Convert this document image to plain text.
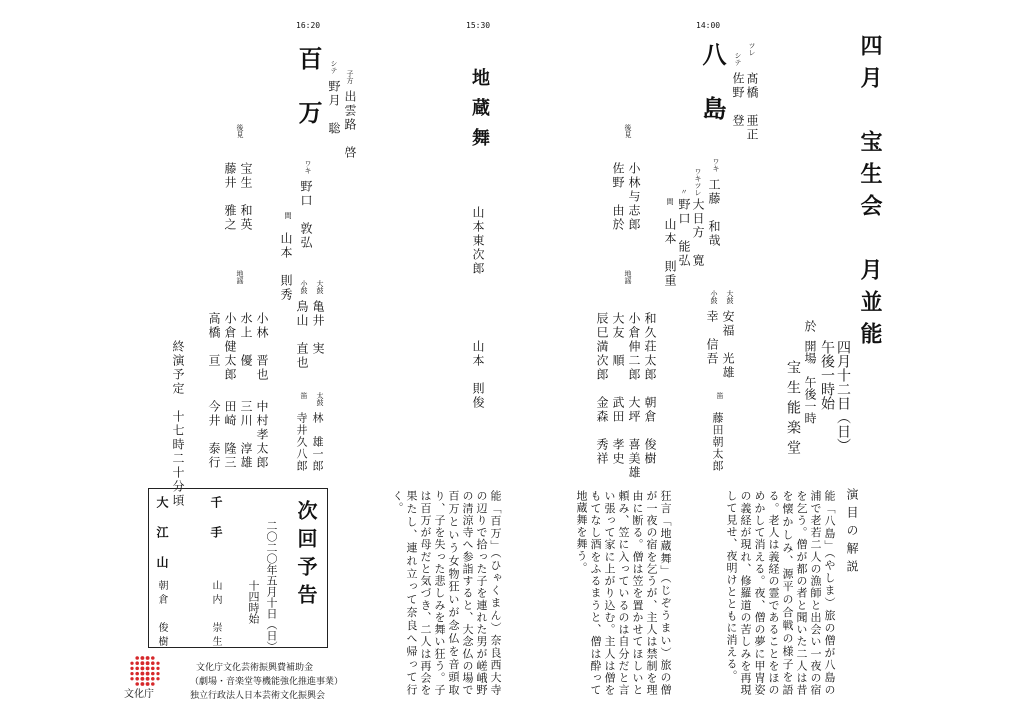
四月　宝生会　月並能
四月十二日（日）
午後一時始
開場　午後一時
於
宝生能楽堂
14:00
八島	ツレ
髙橋　亜正
シテ
佐野　登
ワキ
工藤　和哉
ワキツレ
大日方　寛
〃
野口　能弘
間
山本　則重
大鼓
安福　光雄
小鼓
幸　信吾
笛
藤田朝太郎
後見
小林与志郎
佐野　由於
地謡
和久荘太郎
小倉伸二郎
大友　順
辰巳満次郎
朝倉　俊樹
大坪　喜美雄
武田　孝史
金森　秀祥
15:30
地蔵舞
山本東次郎
山本　則俊
16:20
百万	子方
出雲路　啓
シテ
野月　聡
ワキ
野口　敦弘
間
山本　則秀	大鼓
亀井　実
小鼓
鳥山　直也
太鼓
林　雄一郎
笛
寺井久八郎
後見
宝生　和英
藤井　雅之
地謡
小林　晋也
水上　優
小倉健太郎
高橋　亘
中村孝太郎
三川　淳雄
田崎　隆三
今井　泰行
終演予定　十七時二十分頃
演目の解説
能「八島」（やしま）旅の僧が八島の浦で老若二人の漁師と出会い一夜の宿を乞う。僧が都の者と聞いた二人は昔を懐かしみ、源平の合戦の様子を語る。老人は義経の霊であることをほのめかして消える。夜、僧の夢に甲冑姿の義経が現れ、修羅道の苦しみを再現して見せ、夜明けとともに消える。
狂言「地蔵舞」（じぞうまい）旅の僧が一夜の宿を乞うが、主人は禁制を理由に断る。僧は笠を置かせてほしいと頼み、笠に入っているのは自分だと言い張って家に上がり込む。主人は僧をもてなし酒をふるまうと、僧は酔って地蔵舞を舞う。
能「百万」（ひゃくまん）奈良西大寺の辺りで拾った子を連れた男が嵯峨野の清涼寺へ参詣すると、大念仏の場で百万という女物狂いが念仏を音頭取り、子を失った悲しみを舞い狂う。子は百万が母だと気づき、二人は再会を果たし、連れ立って奈良へ帰って行く。
次回予告
二〇二〇年五月十日（日）
十四時始
千手
山内　崇生
大江山
朝倉　俊樹
文化庁
文化庁文化芸術振興費補助金
（劇場・音楽堂等機能強化推進事業）
独立行政法人日本芸術文化振興会
